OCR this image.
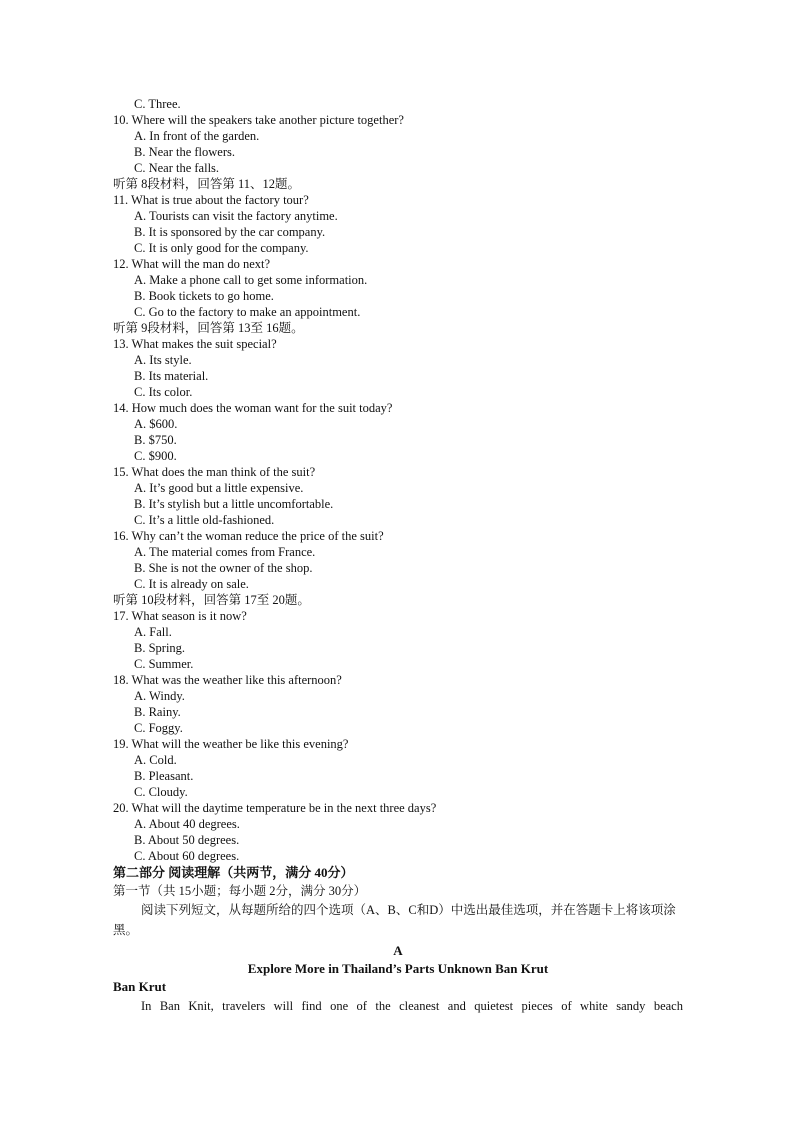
C. Three.
10. Where will the speakers take another picture together?
A. In front of the garden.
B. Near the flowers.
C. Near the falls.
听第 8段材料，回答第 11、12题。
11. What is true about the factory tour?
A. Tourists can visit the factory anytime.
B. It is sponsored by the car company.
C. It is only good for the company.
12. What will the man do next?
A. Make a phone call to get some information.
B. Book tickets to go home.
C. Go to the factory to make an appointment.
听第 9段材料，回答第 13至 16题。
13. What makes the suit special?
A. Its style.
B. Its material.
C. Its color.
14. How much does the woman want for the suit today?
A. $600.
B. $750.
C. $900.
15. What does the man think of the suit?
A. It’s good but a little expensive.
B. It’s stylish but a little uncomfortable.
C. It’s a little old-fashioned.
16. Why can’t the woman reduce the price of the suit?
A. The material comes from France.
B. She is not the owner of the shop.
C. It is already on sale.
听第 10段材料，回答第 17至 20题。
17. What season is it now?
A. Fall.
B. Spring.
C. Summer.
18. What was the weather like this afternoon?
A. Windy.
B. Rainy.
C. Foggy.
19. What will the weather be like this evening?
A. Cold.
B. Pleasant.
C. Cloudy.
20. What will the daytime temperature be in the next three days?
A. About 40 degrees.
B. About 50 degrees.
C. About 60 degrees.
第二部分 阅读理解（共两节，满分 40分）
第一节（共 15小题；每小题 2分，满分 30分）
阅读下列短文，从每题所给的四个选项（A、B、C和D）中选出最佳选项，并在答题卡上将该项涂黑。
A
Explore More in Thailand’s Parts Unknown Ban Krut
Ban Krut
In Ban Knit, travelers will find one of the cleanest and quietest pieces of white sandy beach
